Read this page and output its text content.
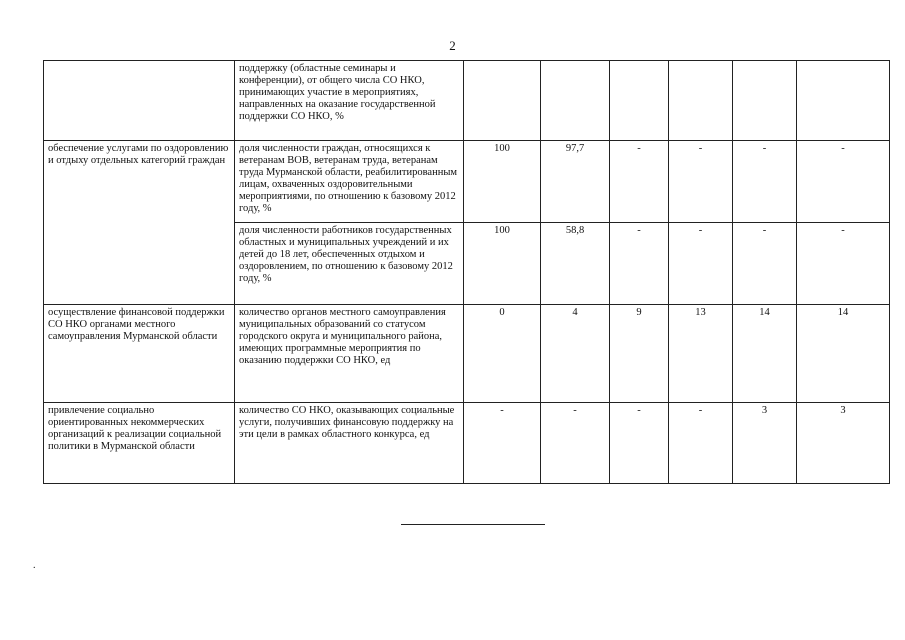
2
	поддержку (областные семинары и конференции), от общего числа СО НКО, принимающих участие в мероприятиях, направленных на оказание государственной поддержки СО НКО, %						
обеспечение услугами по оздоровлению и отдыху отдельных категорий граждан	доля численности граждан, относящихся к ветеранам ВОВ, ветеранам труда, ветеранам труда Мурманской области, реабилитированным лицам, охваченных оздоровительными мероприятиями, по отношению к базовому 2012 году, %	100	97,7	-	-	-	-
	доля численности работников государственных областных и муниципальных учреждений и их детей до 18 лет, обеспеченных отдыхом и оздоровлением, по отношению к базовому 2012 году, %	100	58,8	-	-	-	-
осуществление финансовой поддержки СО НКО органами местного самоуправления Мурманской области	количество органов местного самоуправления муниципальных образований со статусом городского округа и муниципального района, имеющих программные мероприятия по оказанию поддержки СО НКО, ед	0	4	9	13	14	14
привлечение социально ориентированных некоммерческих организаций к реализации социальной политики в Мурманской области	количество СО НКО, оказывающих социальные услуги, получивших финансовую поддержку на эти цели в рамках областного конкурса, ед	-	-	-	-	3	3
.
